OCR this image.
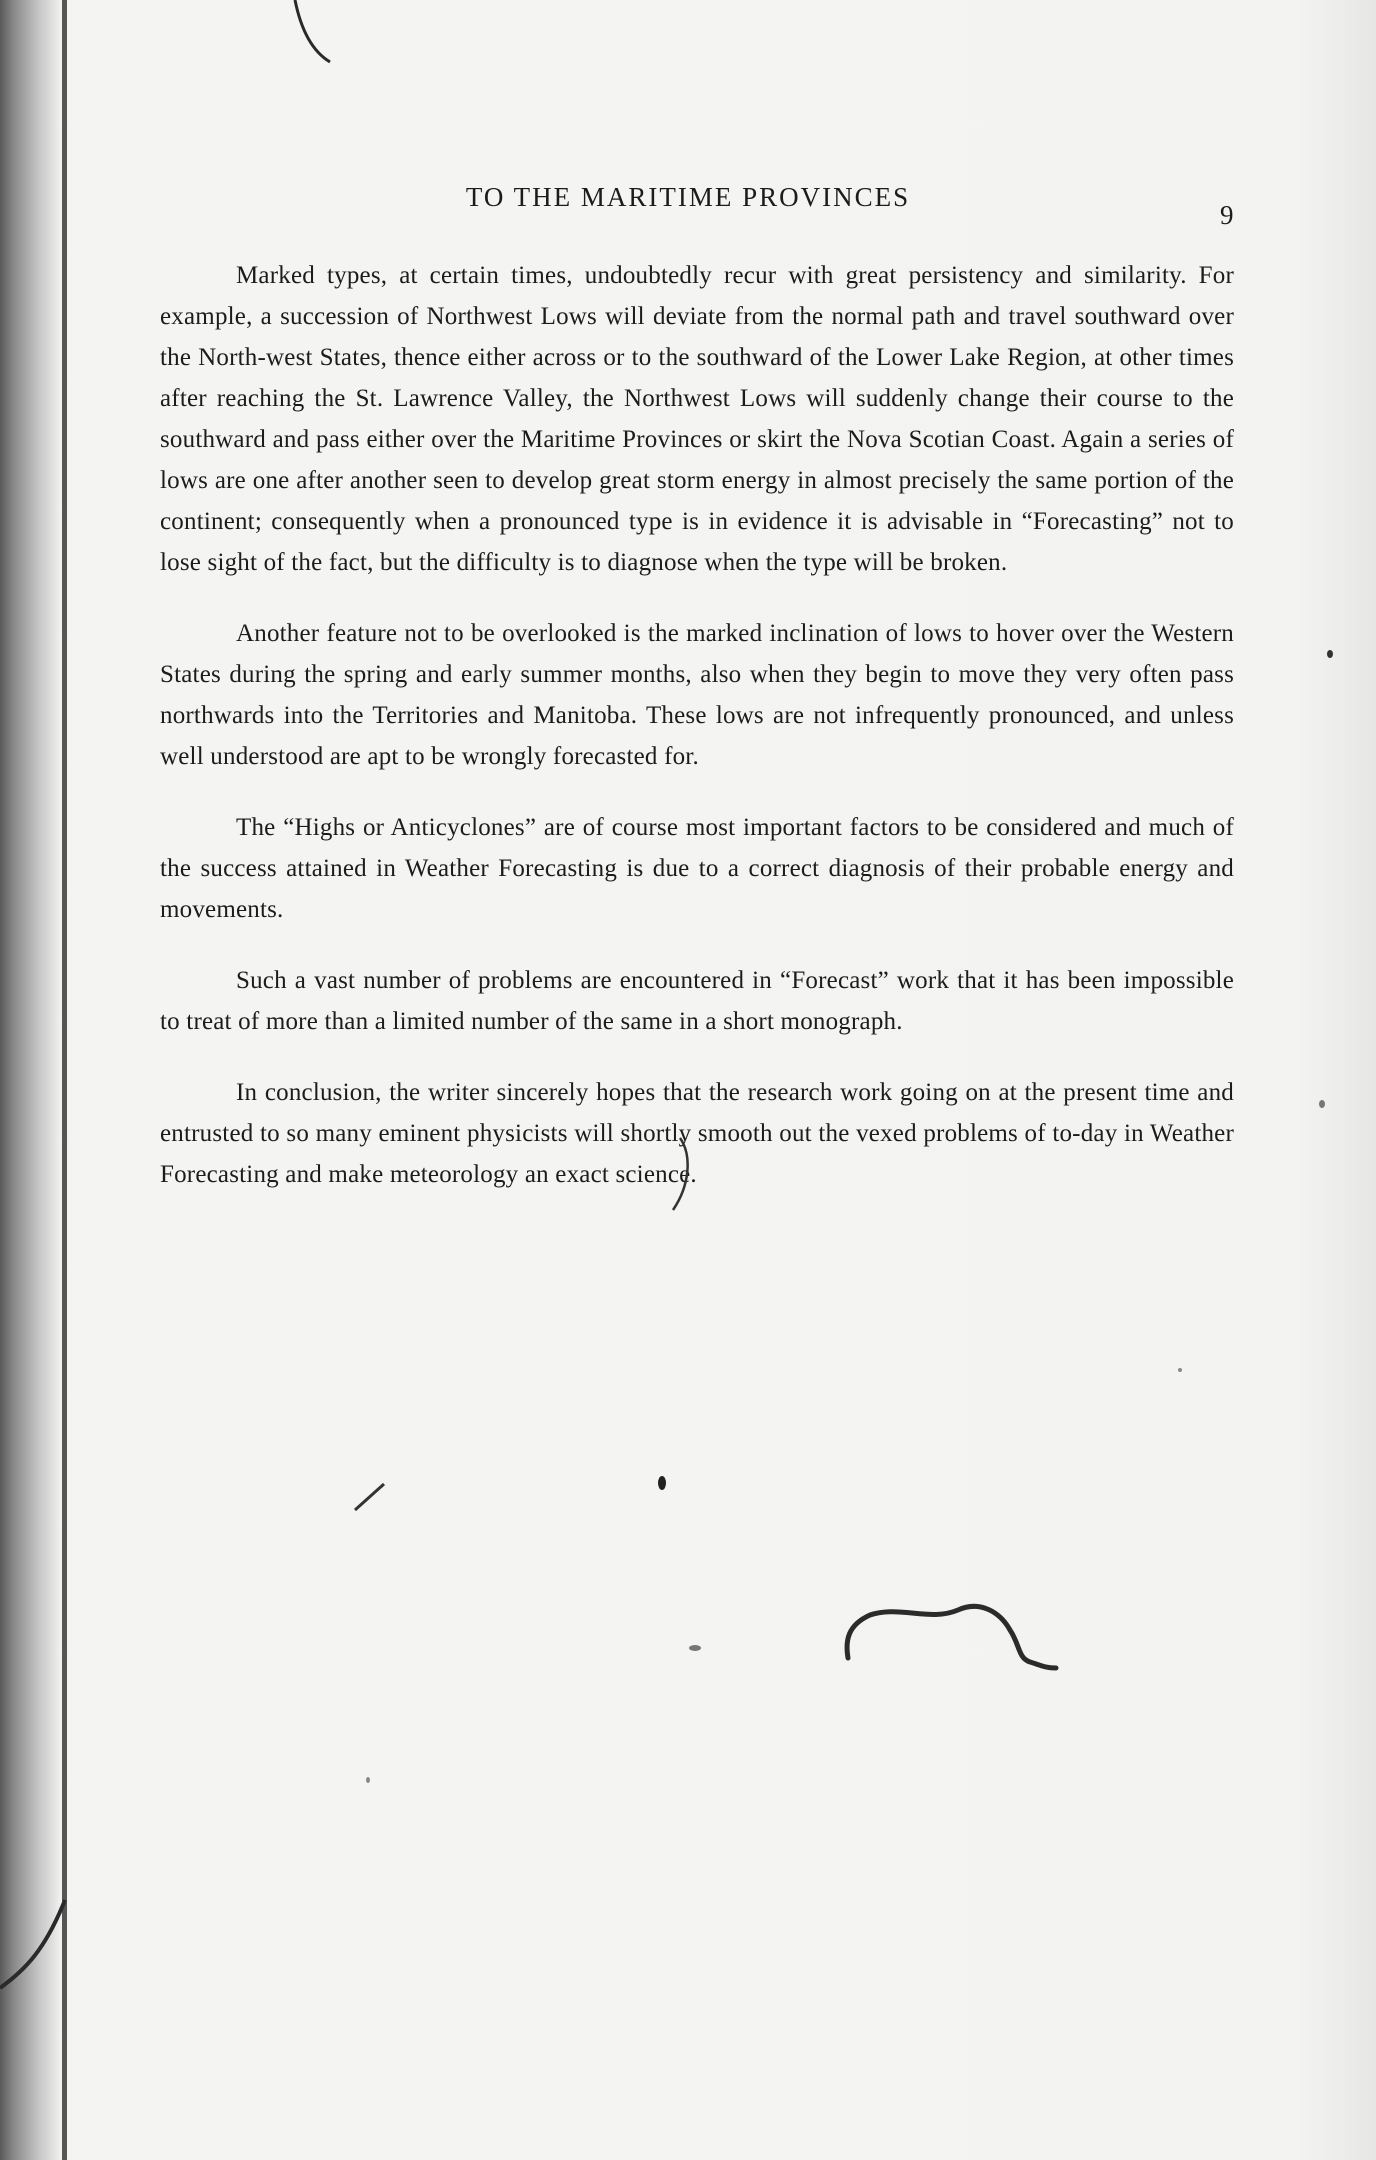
TO THE MARITIME PROVINCES
9

Marked types, at certain times, undoubtedly recur with great persistency and similarity. For example, a succession of Northwest Lows will deviate from the normal path and travel southward over the North-west States, thence either across or to the southward of the Lower Lake Region, at other times after reaching the St. Lawrence Valley, the Northwest Lows will suddenly change their course to the southward and pass either over the Maritime Provinces or skirt the Nova Scotian Coast. Again a series of lows are one after another seen to develop great storm energy in almost precisely the same portion of the continent; consequently when a pronounced type is in evidence it is advisable in “Forecasting” not to lose sight of the fact, but the difficulty is to diagnose when the type will be broken.

Another feature not to be overlooked is the marked inclination of lows to hover over the Western States during the spring and early summer months, also when they begin to move they very often pass northwards into the Territories and Manitoba. These lows are not infrequently pronounced, and unless well understood are apt to be wrongly forecasted for.

The “Highs or Anticyclones” are of course most important factors to be considered and much of the success attained in Weather Forecasting is due to a correct diagnosis of their probable energy and movements.

Such a vast number of problems are encountered in “Forecast” work that it has been impossible to treat of more than a limited number of the same in a short monograph.

In conclusion, the writer sincerely hopes that the research work going on at the present time and entrusted to so many eminent physicists will shortly smooth out the vexed problems of to-day in Weather Forecasting and make meteorology an exact science.
